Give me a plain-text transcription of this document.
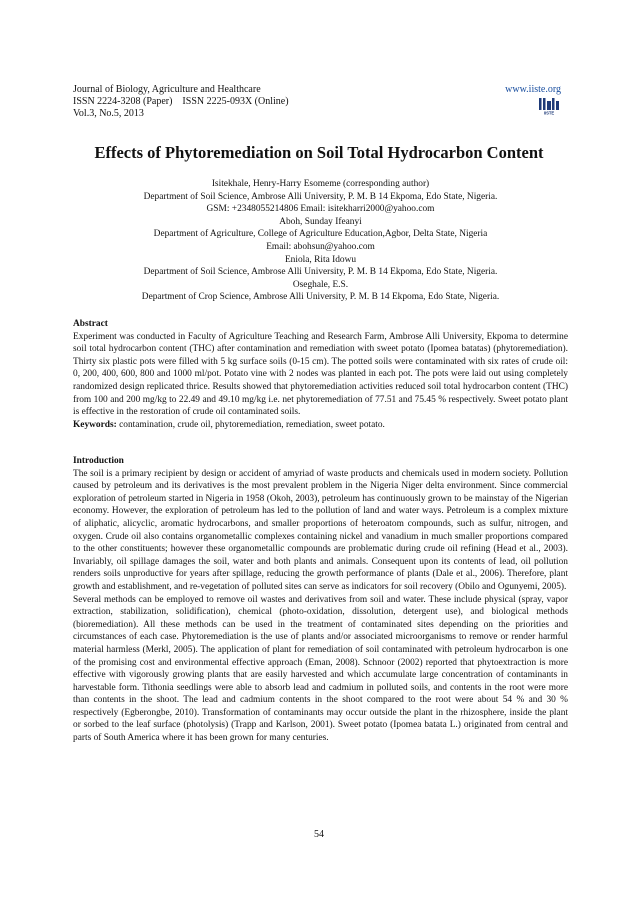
Journal of Biology, Agriculture and Healthcare
ISSN 2224-3208 (Paper)    ISSN 2225-093X (Online)
Vol.3, No.5, 2013
www.iiste.org
IISTE
Effects of Phytoremediation on Soil Total Hydrocarbon Content
Isitekhale, Henry-Harry Esomeme (corresponding author)
Department of Soil Science, Ambrose Alli University, P. M. B 14 Ekpoma, Edo State, Nigeria.
GSM: +2348055214806 Email: isitekharri2000@yahoo.com
Aboh, Sunday Ifeanyi
Department of Agriculture, College of Agriculture Education,Agbor, Delta State, Nigeria
Email: abohsun@yahoo.com
Eniola, Rita Idowu
Department of Soil Science, Ambrose Alli University, P. M. B 14 Ekpoma, Edo State, Nigeria.
Oseghale, E.S.
Department of Crop Science, Ambrose Alli University, P. M. B 14 Ekpoma, Edo State, Nigeria.
Abstract

Experiment was conducted in Faculty of Agriculture Teaching and Research Farm, Ambrose Alli University, Ekpoma to determine soil total hydrocarbon content (THC) after contamination and remediation with sweet potato (Ipomea batatas) (phytoremediation). Thirty six plastic pots were filled with 5 kg surface soils (0-15 cm). The potted soils were contaminated with six rates of crude oil: 0, 200, 400, 600, 800 and 1000 ml/pot. Potato vine with 2 nodes was planted in each pot. The pots were laid out using completely randomized design replicated thrice. Results showed that phytoremediation activities reduced soil total hydrocarbon content (THC) from 100 and 200 mg/kg to 22.49 and 49.10 mg/kg i.e. net phytoremediation of 77.51 and 75.45 % respectively. Sweet potato plant is effective in the restoration of crude oil contaminated soils.

Keywords: contamination, crude oil, phytoremediation, remediation, sweet potato.

Introduction

The soil is a primary recipient by design or accident of amyriad of waste products and chemicals used in modern society. Pollution caused by petroleum and its derivatives is the most prevalent problem in the Nigeria Niger delta environment. Since commercial exploration of petroleum started in Nigeria in 1958 (Okoh, 2003), petroleum has continuously grown to be mainstay of the Nigerian economy. However, the exploration of petroleum has led to the pollution of land and water ways. Petroleum is a complex mixture of aliphatic, alicyclic, aromatic hydrocarbons, and smaller proportions of heteroatom compounds, such as sulfur, nitrogen, and oxygen. Crude oil also contains organometallic complexes containing nickel and vanadium in much smaller proportions compared to the other constituents; however these organometallic compounds are problematic during crude oil refining (Head et al., 2003). Invariably, oil spillage damages the soil, water and both plants and animals. Consequent upon its contents of lead, oil pollution renders soils unproductive for years after spillage, reducing the growth performance of plants (Dale et al., 2006). Therefore, plant growth and establishment, and re-vegetation of polluted sites can serve as indicators for soil recovery (Obilo and Ogunyemi, 2005).

Several methods can be employed to remove oil wastes and derivatives from soil and water. These include physical (spray, vapor extraction, stabilization, solidification), chemical (photo-oxidation, dissolution, detergent use), and biological methods (bioremediation). All these methods can be used in the treatment of contaminated sites depending on the priorities and circumstances of each case. Phytoremediation is the use of plants and/or associated microorganisms to remove or render harmful material harmless (Merkl, 2005). The application of plant for remediation of soil contaminated with petroleum hydrocarbon is one of the promising cost and environmental effective approach (Eman, 2008). Schnoor (2002) reported that phytoextraction is more effective with vigorously growing plants that are easily harvested and which accumulate large concentration of contaminants in harvestable form. Tithonia seedlings were able to absorb lead and cadmium in polluted soils, and contents in the root were more than contents in the shoot. The lead and cadmium contents in the shoot compared to the root were about 54 % and 30 % respectively (Egberongbe, 2010). Transformation of contaminants may occur outside the plant in the rhizosphere, inside the plant or sorbed to the leaf surface (photolysis) (Trapp and Karlson, 2001). Sweet potato (Ipomea batata L.) originated from central and parts of South America where it has been grown for many centuries.

54
